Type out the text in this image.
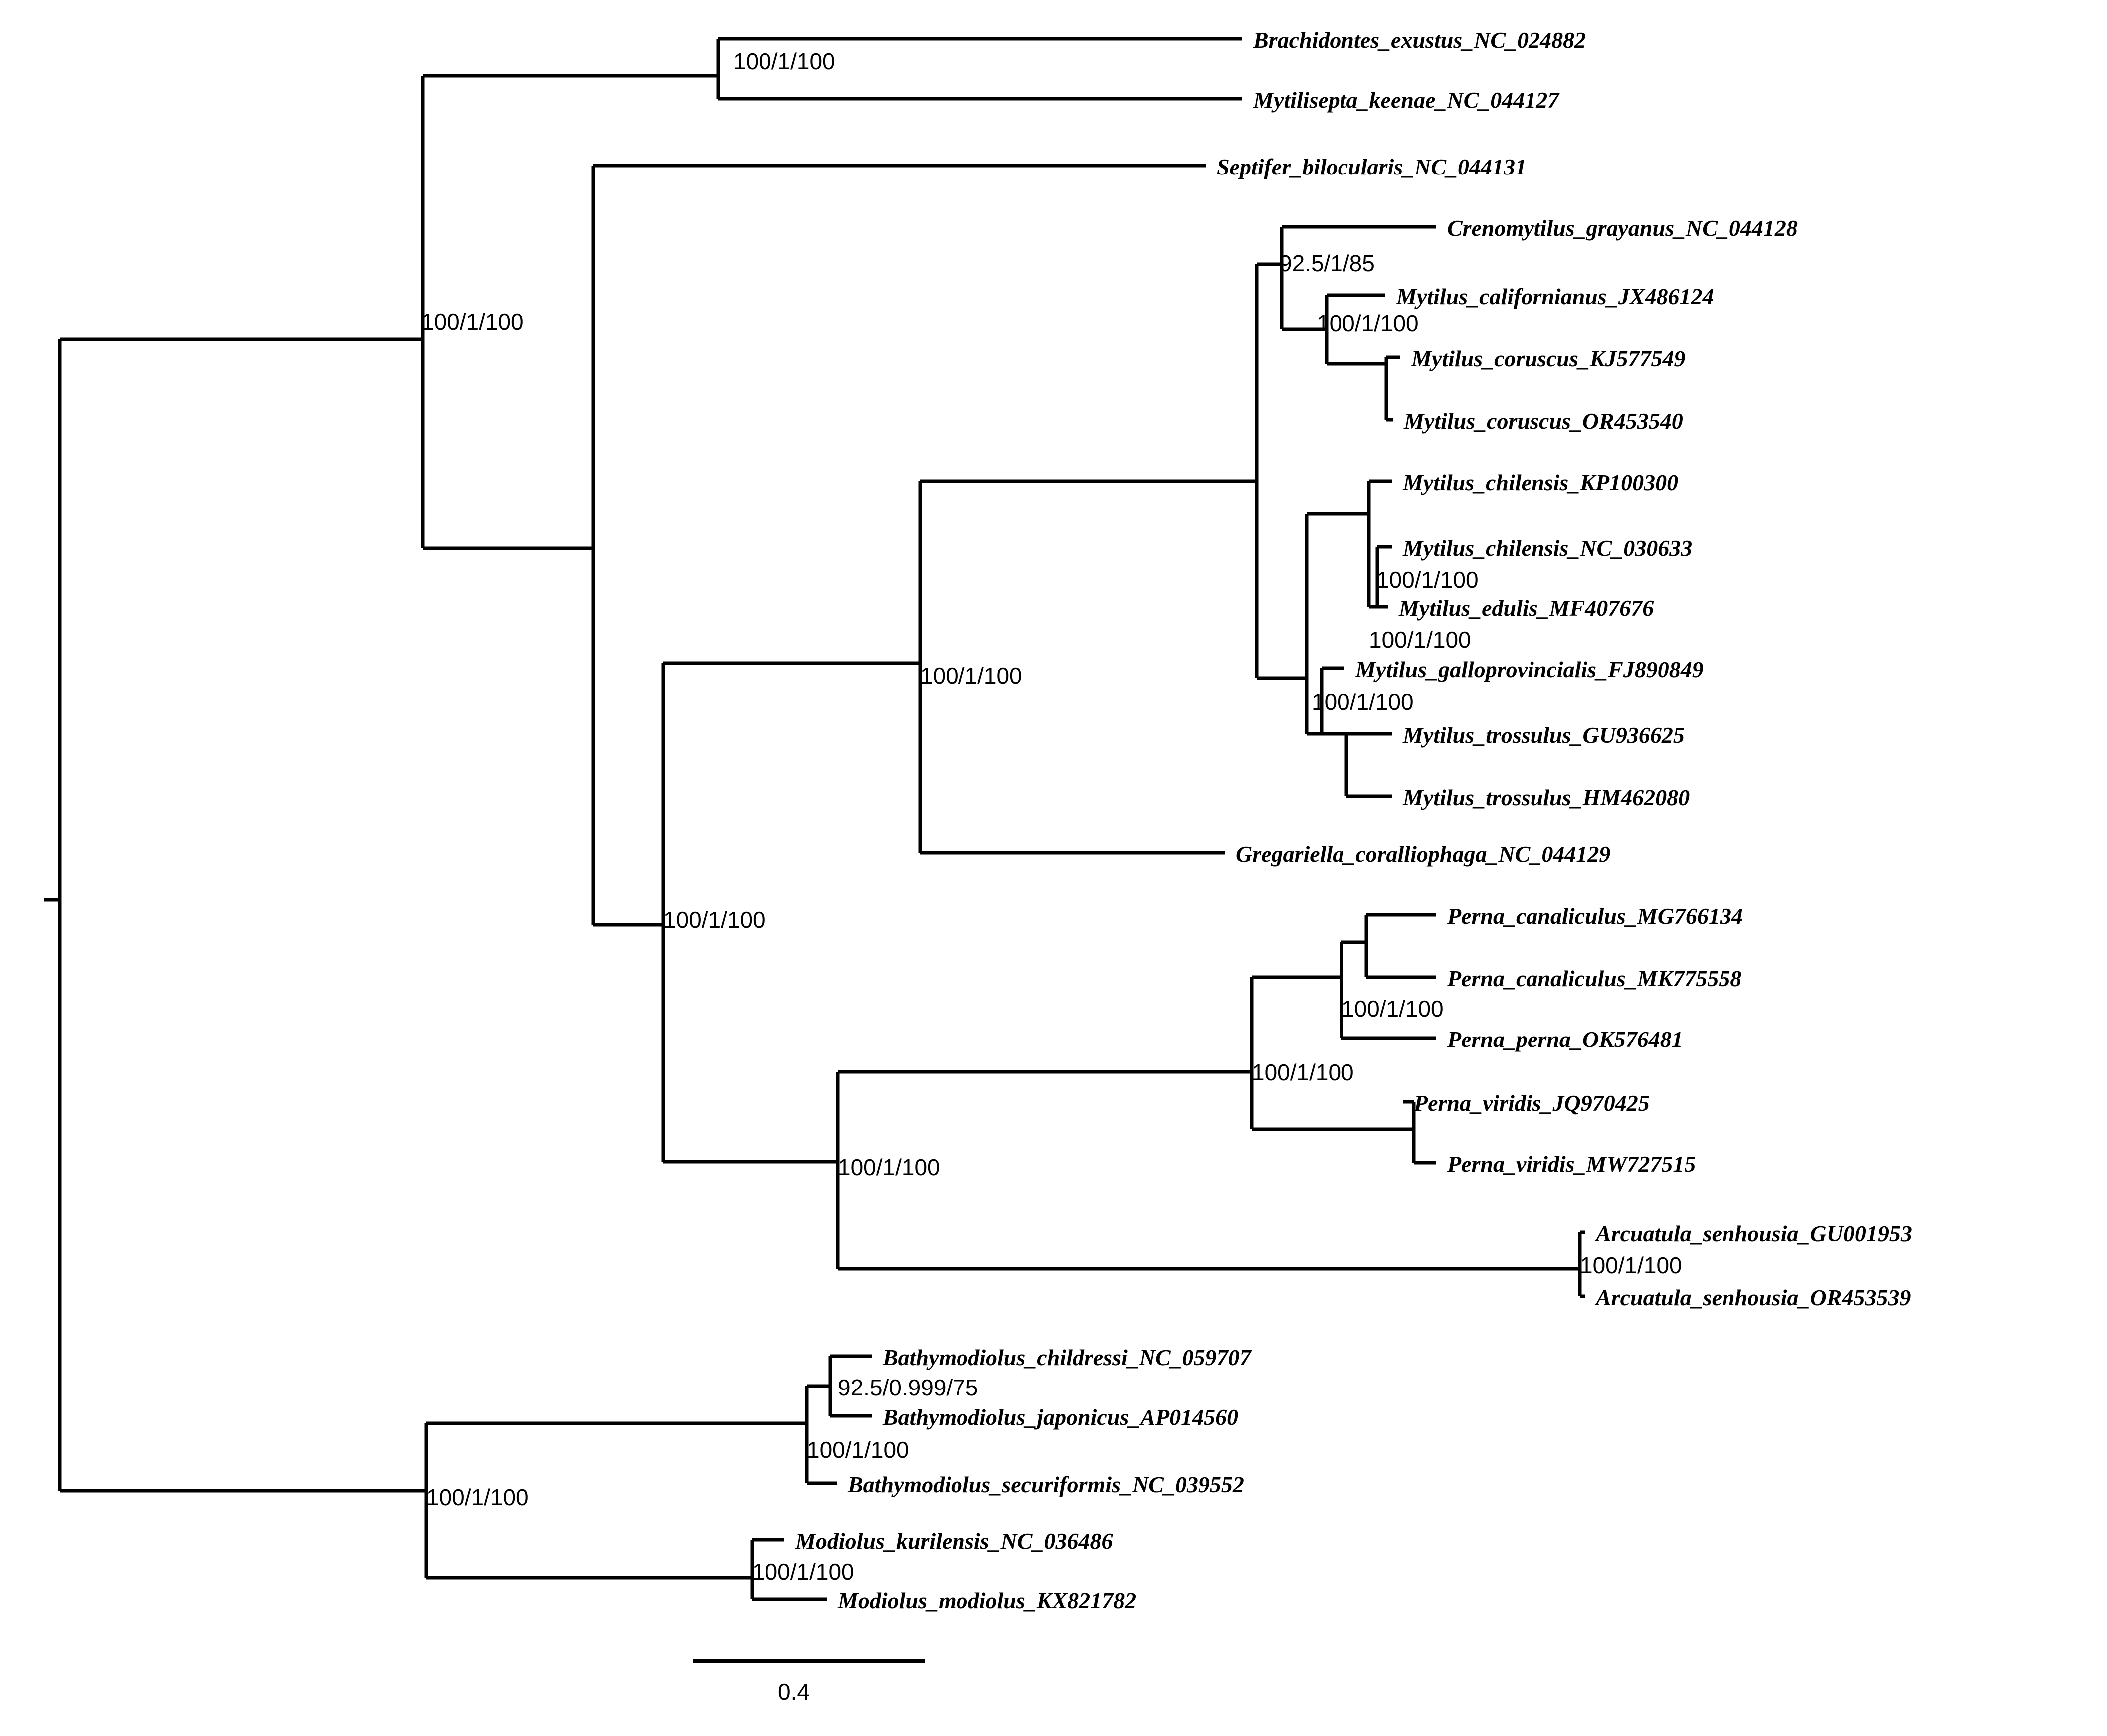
Brachidontes_exustus_NC_024882
Mytilisepta_keenae_NC_044127
Septifer_bilocularis_NC_044131
Crenomytilus_grayanus_NC_044128
Mytilus_californianus_JX486124
Mytilus_coruscus_KJ577549
Mytilus_coruscus_OR453540
Mytilus_chilensis_KP100300
Mytilus_chilensis_NC_030633
Mytilus_edulis_MF407676
Mytilus_galloprovincialis_FJ890849
Mytilus_trossulus_GU936625
Mytilus_trossulus_HM462080
Gregariella_coralliophaga_NC_044129
Perna_canaliculus_MG766134
Perna_canaliculus_MK775558
Perna_perna_OK576481
Perna_viridis_JQ970425
Perna_viridis_MW727515
Arcuatula_senhousia_GU001953
Arcuatula_senhousia_OR453539
Bathymodiolus_childressi_NC_059707
Bathymodiolus_japonicus_AP014560
Bathymodiolus_securiformis_NC_039552
Modiolus_kurilensis_NC_036486
Modiolus_modiolus_KX821782
100/1/100
92.5/1/85
100/1/100
100/1/100
100/1/100
100/1/100
100/1/100
100/1/100
100/1/100
100/1/100
100/1/100
100/1/100
100/1/100
92.5/0.999/75
100/1/100
100/1/100
100/1/100
0.4
